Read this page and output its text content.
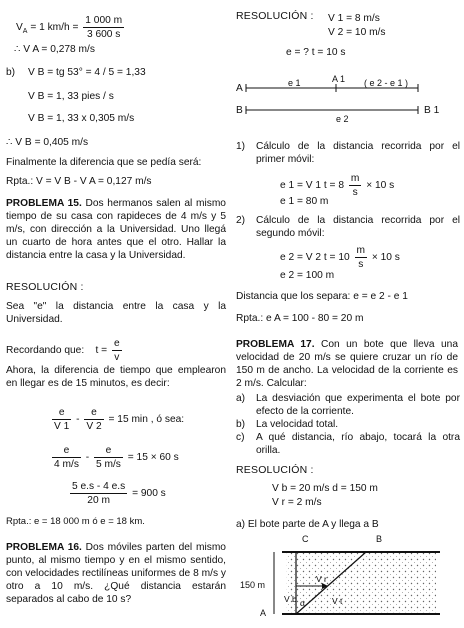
$V_A = 1$ $km/h = \frac{1 000 m}{3 600 s}$
∴ V A = 0,278 m/s
b) V B = tg 53° = 4 / 5 = 1,33
V B = 1, 33 pies / s
V B = 1, 33 x 0,305 m/s
∴ V B = 0,405 m/s
Finalmente la diferencia que se pedía será:
Rpta.: V = V B - V A = 0,127 m/s
PROBLEMA 15. Dos hermanos salen al mismo tiempo de su casa con rapideces de 4 m/s y 5 m/s, con dirección a la Universidad. Uno llegá un cuarto de hora antes que el otro. Hallar la distancia entre la casa y la Universidad.
RESOLUCIÓN :
Sea "e" la distancia entre la casa y la Universidad.
Recordando que: $t = \frac{e}{v}$
Ahora, la diferencia de tiempo que emplearon en llegar es de 15 minutos, es decir:
$\frac{e}{V 1} - \frac{e}{V 2} = 15$ min , ó sea:
$\frac{e}{4 m/s} - \frac{e}{5 m/s} = 15 \times 60$ s
$\frac{5 e.s - 4 e.s}{20 m} = 900$ s
Rpta.: e = 18 000 m ó e = 18 km.
PROBLEMA 16. Dos móviles parten del mismo punto, al mismo tiempo y en el mismo sentido, con velocidades rectilíneas uniformes de 8 m/s y otro a 10 m/s. ¿Qué distancia estarán separados al cabo de 10 s?
RESOLUCIÓN : V 1 = 8 m/s
V 2 = 10 m/s
e = ? t = 10 s
A
A 1
e 1	( e 2 - e 1 )
B	B 1
e 2
1) Cálculo de la distancia recorrida por el primer móvil:
e 1 = V 1 $t = 8 \frac{m}{s} \times 10$ s
e 1 = 80 m
2) Cálculo de la distancia recorrida por el segundo móvil:
e 2 = V 2 $t = 10 \frac{m}{s} \times 10$ s
e 2 = 100 m
Distancia que los separa: e = e 2 - e 1
Rpta.: e A = 100 - 80 = 20 m
PROBLEMA 17. Con un bote que lleva una velocidad de 20 m/s se quiere cruzar un río de 150 m de ancho. La velocidad de la corriente es 2 m/s. Calcular:
a) La desviación que experimenta el bote por efecto de la corriente.
b) La velocidad total.
c) A qué distancia, río abajo, tocará la otra orilla.
RESOLUCIÓN :
V b = 20 m/s d = 150 m
V r = 2 m/s
a) El bote parte de A y llega a B
C	B
150 m
A
V r
V b α	V t
